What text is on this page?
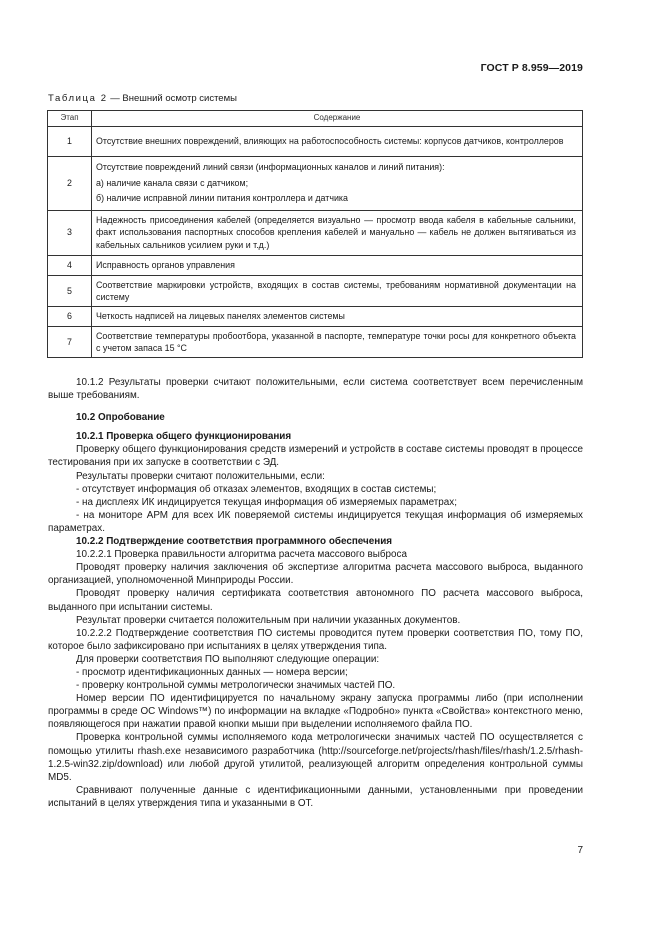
ГОСТ Р 8.959—2019
Таблица 2 — Внешний осмотр системы
Этап	Содержание
1	Отсутствие внешних повреждений, влияющих на работоспособность системы: корпусов датчиков, контроллеров

2	Отсутствие повреждений линий связи (информационных каналов и линий питания):
а) наличие канала связи с датчиком;
б) наличие исправной линии питания контроллера и датчика

3	Надежность присоединения кабелей (определяется визуально — просмотр ввода кабеля в кабельные сальники, факт использования паспортных способов крепления кабелей и мануально — кабель не должен вытягиваться из кабельных сальников усилием руки и т.д.)

4	Исправность органов управления

5	Соответствие маркировки устройств, входящих в состав системы, требованиям нормативной документации на систему

6	Четкость надписей на лицевых панелях элементов системы

7	Соответствие температуры пробоотбора, указанной в паспорте, температуре точки росы для конкретного объекта с учетом запаса 15 °C

10.1.2 Результаты проверки считают положительными, если система соответствует всем перечисленным выше требованиям.

10.2 Опробование

10.2.1 Проверка общего функционирования

Проверку общего функционирования средств измерений и устройств в составе системы проводят в процессе тестирования при их запуске в соответствии с ЭД.

Результаты проверки считают положительными, если:

- отсутствует информация об отказах элементов, входящих в состав системы;

- на дисплеях ИК индицируется текущая информация об измеряемых параметрах;

- на мониторе АРМ для всех ИК поверяемой системы индицируется текущая информация об измеряемых параметрах.

10.2.2 Подтверждение соответствия программного обеспечения

10.2.2.1 Проверка правильности алгоритма расчета массового выброса

Проводят проверку наличия заключения об экспертизе алгоритма расчета массового выброса, выданного организацией, уполномоченной Минприроды России.

Проводят проверку наличия сертификата соответствия автономного ПО расчета массового выброса, выданного при испытании системы.

Результат проверки считается положительным при наличии указанных документов.

10.2.2.2 Подтверждение соответствия ПО системы проводится путем проверки соответствия ПО, тому ПО, которое было зафиксировано при испытаниях в целях утверждения типа.

Для проверки соответствия ПО выполняют следующие операции:

- просмотр идентификационных данных — номера версии;

- проверку контрольной суммы метрологически значимых частей ПО.

Номер версии ПО идентифицируется по начальному экрану запуска программы либо (при исполнении программы в среде ОС Windows™) по информации на вкладке «Подробно» пункта «Свойства» контекстного меню, появляющегося при нажатии правой кнопки мыши при выделении исполняемого файла ПО.

Проверка контрольной суммы исполняемого кода метрологически значимых частей ПО осуществляется с помощью утилиты rhash.exe независимого разработчика (http://sourceforge.net/projects/rhash/files/rhash/1.2.5/rhash-1.2.5-win32.zip/download) или любой другой утилитой, реализующей алгоритм определения контрольной суммы MD5.

Сравнивают полученные данные с идентификационными данными, установленными при проведении испытаний в целях утверждения типа и указанными в ОТ.

7
